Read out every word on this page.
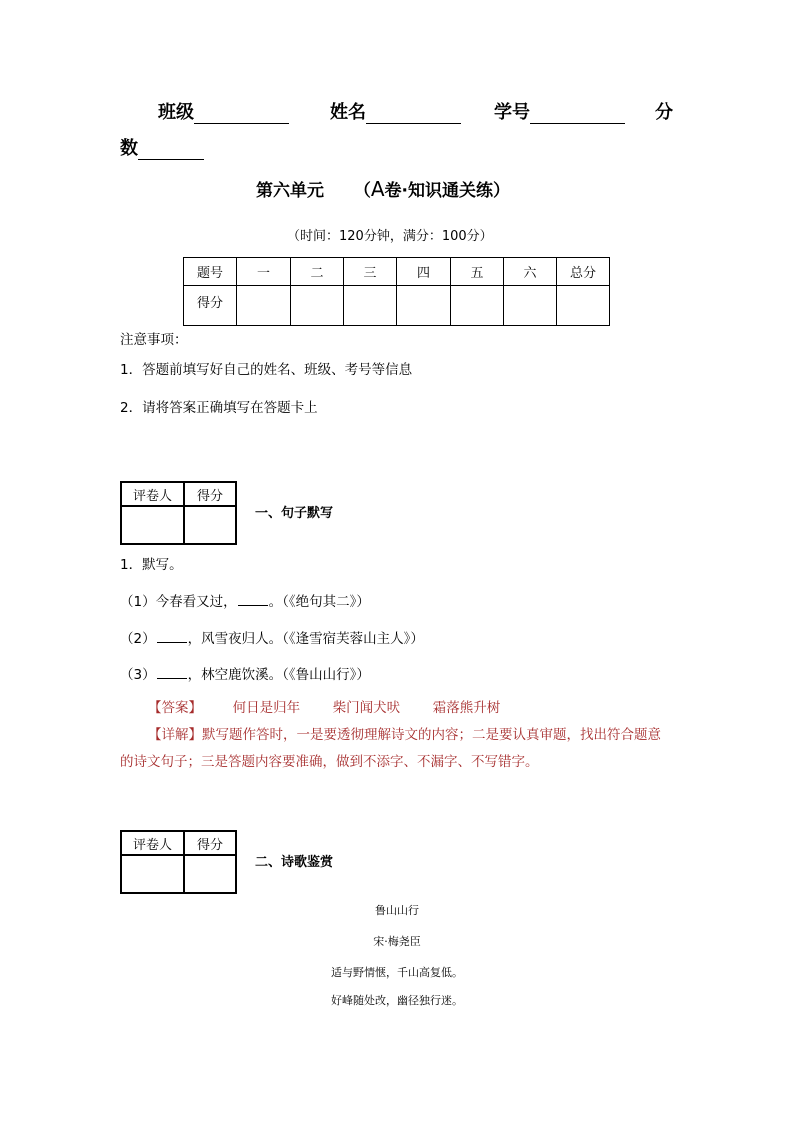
班级	姓名	学号	分
数
第六单元 （A卷·知识通关练）
（时间：120分钟，满分：100分）
题号	一	二	三	四	五	六	总分
得分							
注意事项：
1．答题前填写好自己的姓名、班级、考号等信息
2．请将答案正确填写在答题卡上
评卷人	得分

一、句子默写
1．默写。
（1）今春看又过， 。（《绝句其二》）
（2） ，风雪夜归人。（《逢雪宿芙蓉山主人》）
（3） ，林空鹿饮溪。（《鲁山山行》）
【答案】 何日是归年 柴门闻犬吠 霜落熊升树
【详解】默写题作答时，一是要透彻理解诗文的内容；二是要认真审题，找出符合题意
的诗文句子；三是答题内容要准确，做到不添字、不漏字、不写错字。
评卷人	得分

二、诗歌鉴赏
鲁山山行
宋·梅尧臣
适与野情惬，千山高复低。
好峰随处改，幽径独行迷。
